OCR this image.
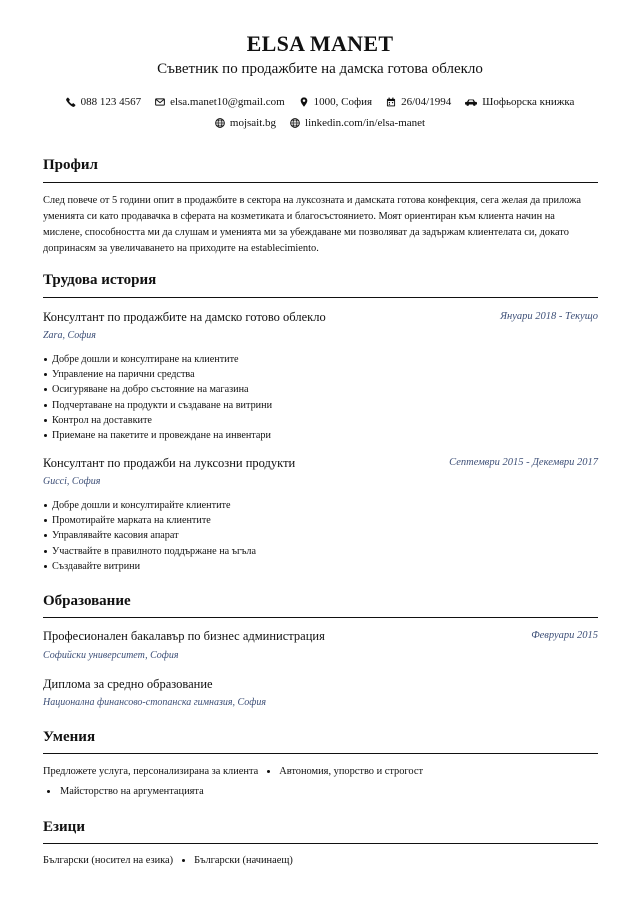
ELSA MANET
Съветник по продажбите на дамска готова облекло
088 123 4567	elsa.manet10@gmail.com	1000, София	26/04/1994	Шофьорска книжка
mojsait.bg	linkedin.com/in/elsa-manet
Профил
След повече от 5 години опит в продажбите в сектора на луксозната и дамската готова конфекция, сега желая да приложа
умениятa си като продавачка в сферата на козметиката и благосъстоянието. Моят ориентиран към клиента начин на
мислене, способността ми да слушам и уменията ми за убеждаване ми позволяват да задържам клиентелата си, докато
допринасям за увеличаването на приходите на establecimiento.
Трудова история
Консултант по продажбите на дамско готово облекло	Януари 2018 - Текущо
Zara, София
Добре дошли и консултиране на клиентите
Управление на парични средства
Осигуряване на добро състояние на магазина
Подчертаване на продукти и създаване на витрини
Контрол на доставките
Приемане на пакетите и провеждане на инвентари
Консултант по продажби на луксозни продукти	Септември 2015 - Декември 2017
Gucci, София
Добре дошли и консултирайте клиентите
Промотирайте марката на клиентите
Управлявайте касовия апарат
Участвайте в правилното поддържане на ъгъла
Създавайте витрини
Образование
Професионален бакалавър по бизнес администрация	Февруари 2015
Софийски университет, София
Диплома за средно образование
Национална финансово-стопанска гимназия, София
Умения
Предложете услуга, персонализирана за клиента Автономия, упорство и строгост
Майсторство на аргументацията
Езици
Български (носител на езика) Български (начинаещ)
